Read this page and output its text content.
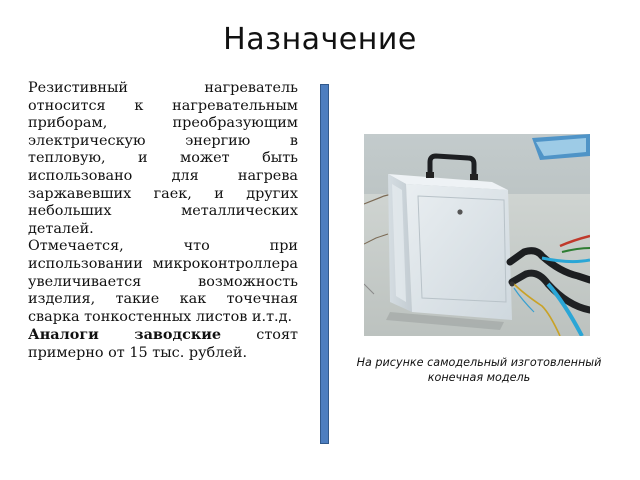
Назначение

Резистивный нагреватель относится к нагревательным приборам, преобразующим электрическую энергию в тепловую, и может быть использовано для нагрева заржавевших гаек, и других небольших металлических деталей.

Отмечается, что при использовании микроконтроллера увеличивается возможность изделия, такие как точечная сварка тонкостенных листов и.т.д.

Аналоги заводские стоят примерно от 15 тыс. рублей.

На рисунке самодельный изготовленный
конечная модель
